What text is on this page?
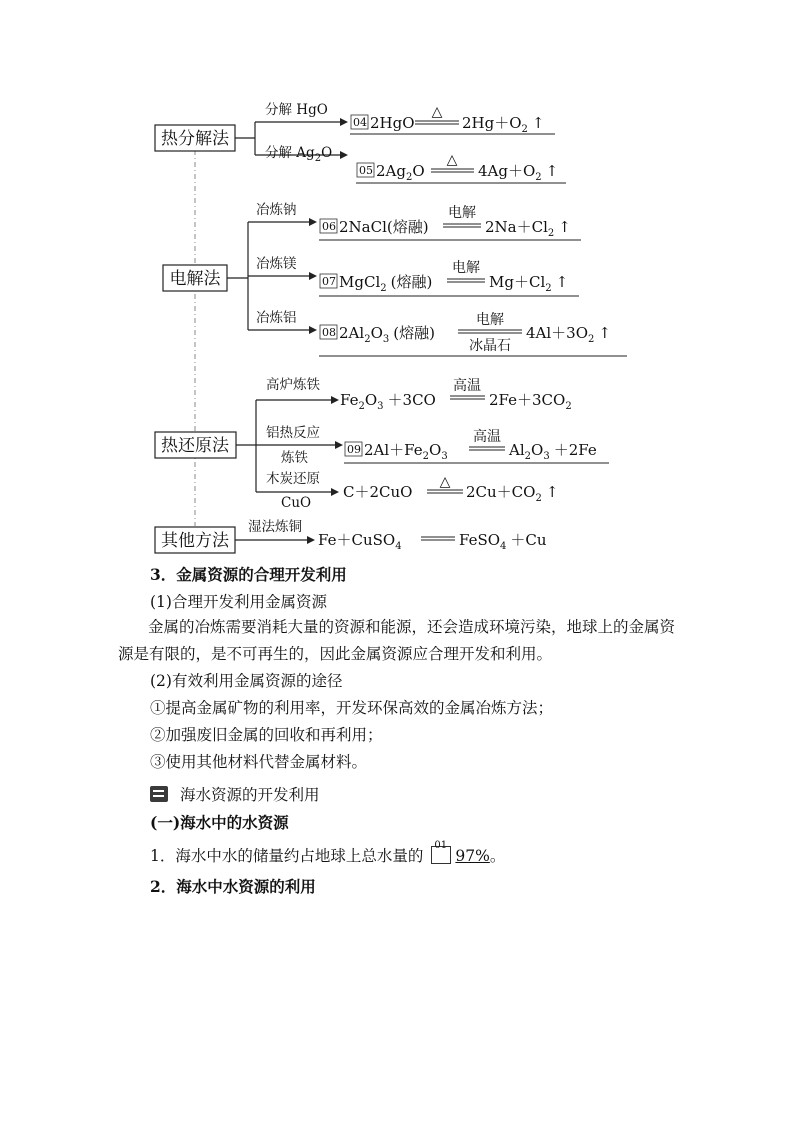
热分解法
分解 HgO
分解 $Ag_2O$
04 2HgO
△
$2Hg+O_2$ ↑
05 $2Ag_2O$
△
$4Ag+O_2$ ↑
电解法
冶炼钠
冶炼镁
冶炼铝
06 2NaCl(熔融)
电解
$2Na+Cl_2$ ↑
07 MgCl$_2$ (熔融)
电解
$Mg+Cl_2$ ↑
08 $2Al_2O_3$ (熔融)
电解
冰晶石
$4Al+3O_2$ ↑
热还原法
高炉炼铁
铝热反应
炼铁
木炭还原
CuO
$Fe_2O_3 +3CO$
高温
$2Fe+3CO_2$
09 $2Al+Fe_2O_3$
高温
$Al_2O_3 +2Fe$
C＋2CuO
△
$2Cu+CO_2$ ↑
其他方法
湿法炼铜
Fe＋CuSO$_4$	FeSO$_4$ ＋Cu
3．金属资源的合理开发利用
(1)合理开发利用金属资源
金属的冶炼需要消耗大量的资源和能源，还会造成环境污染，地球上的金属资源是有限的，是不可再生的，因此金属资源应合理开发和利用。
(2)有效利用金属资源的途径
①提高金属矿物的利用率，开发环保高效的金属冶炼方法；
②加强废旧金属的回收和再利用；
③使用其他材料代替金属材料。
海水资源的开发利用
(一)海水中的水资源
1．海水中水的储量约占地球上总水量的
01
97%。
2．海水中水资源的利用
